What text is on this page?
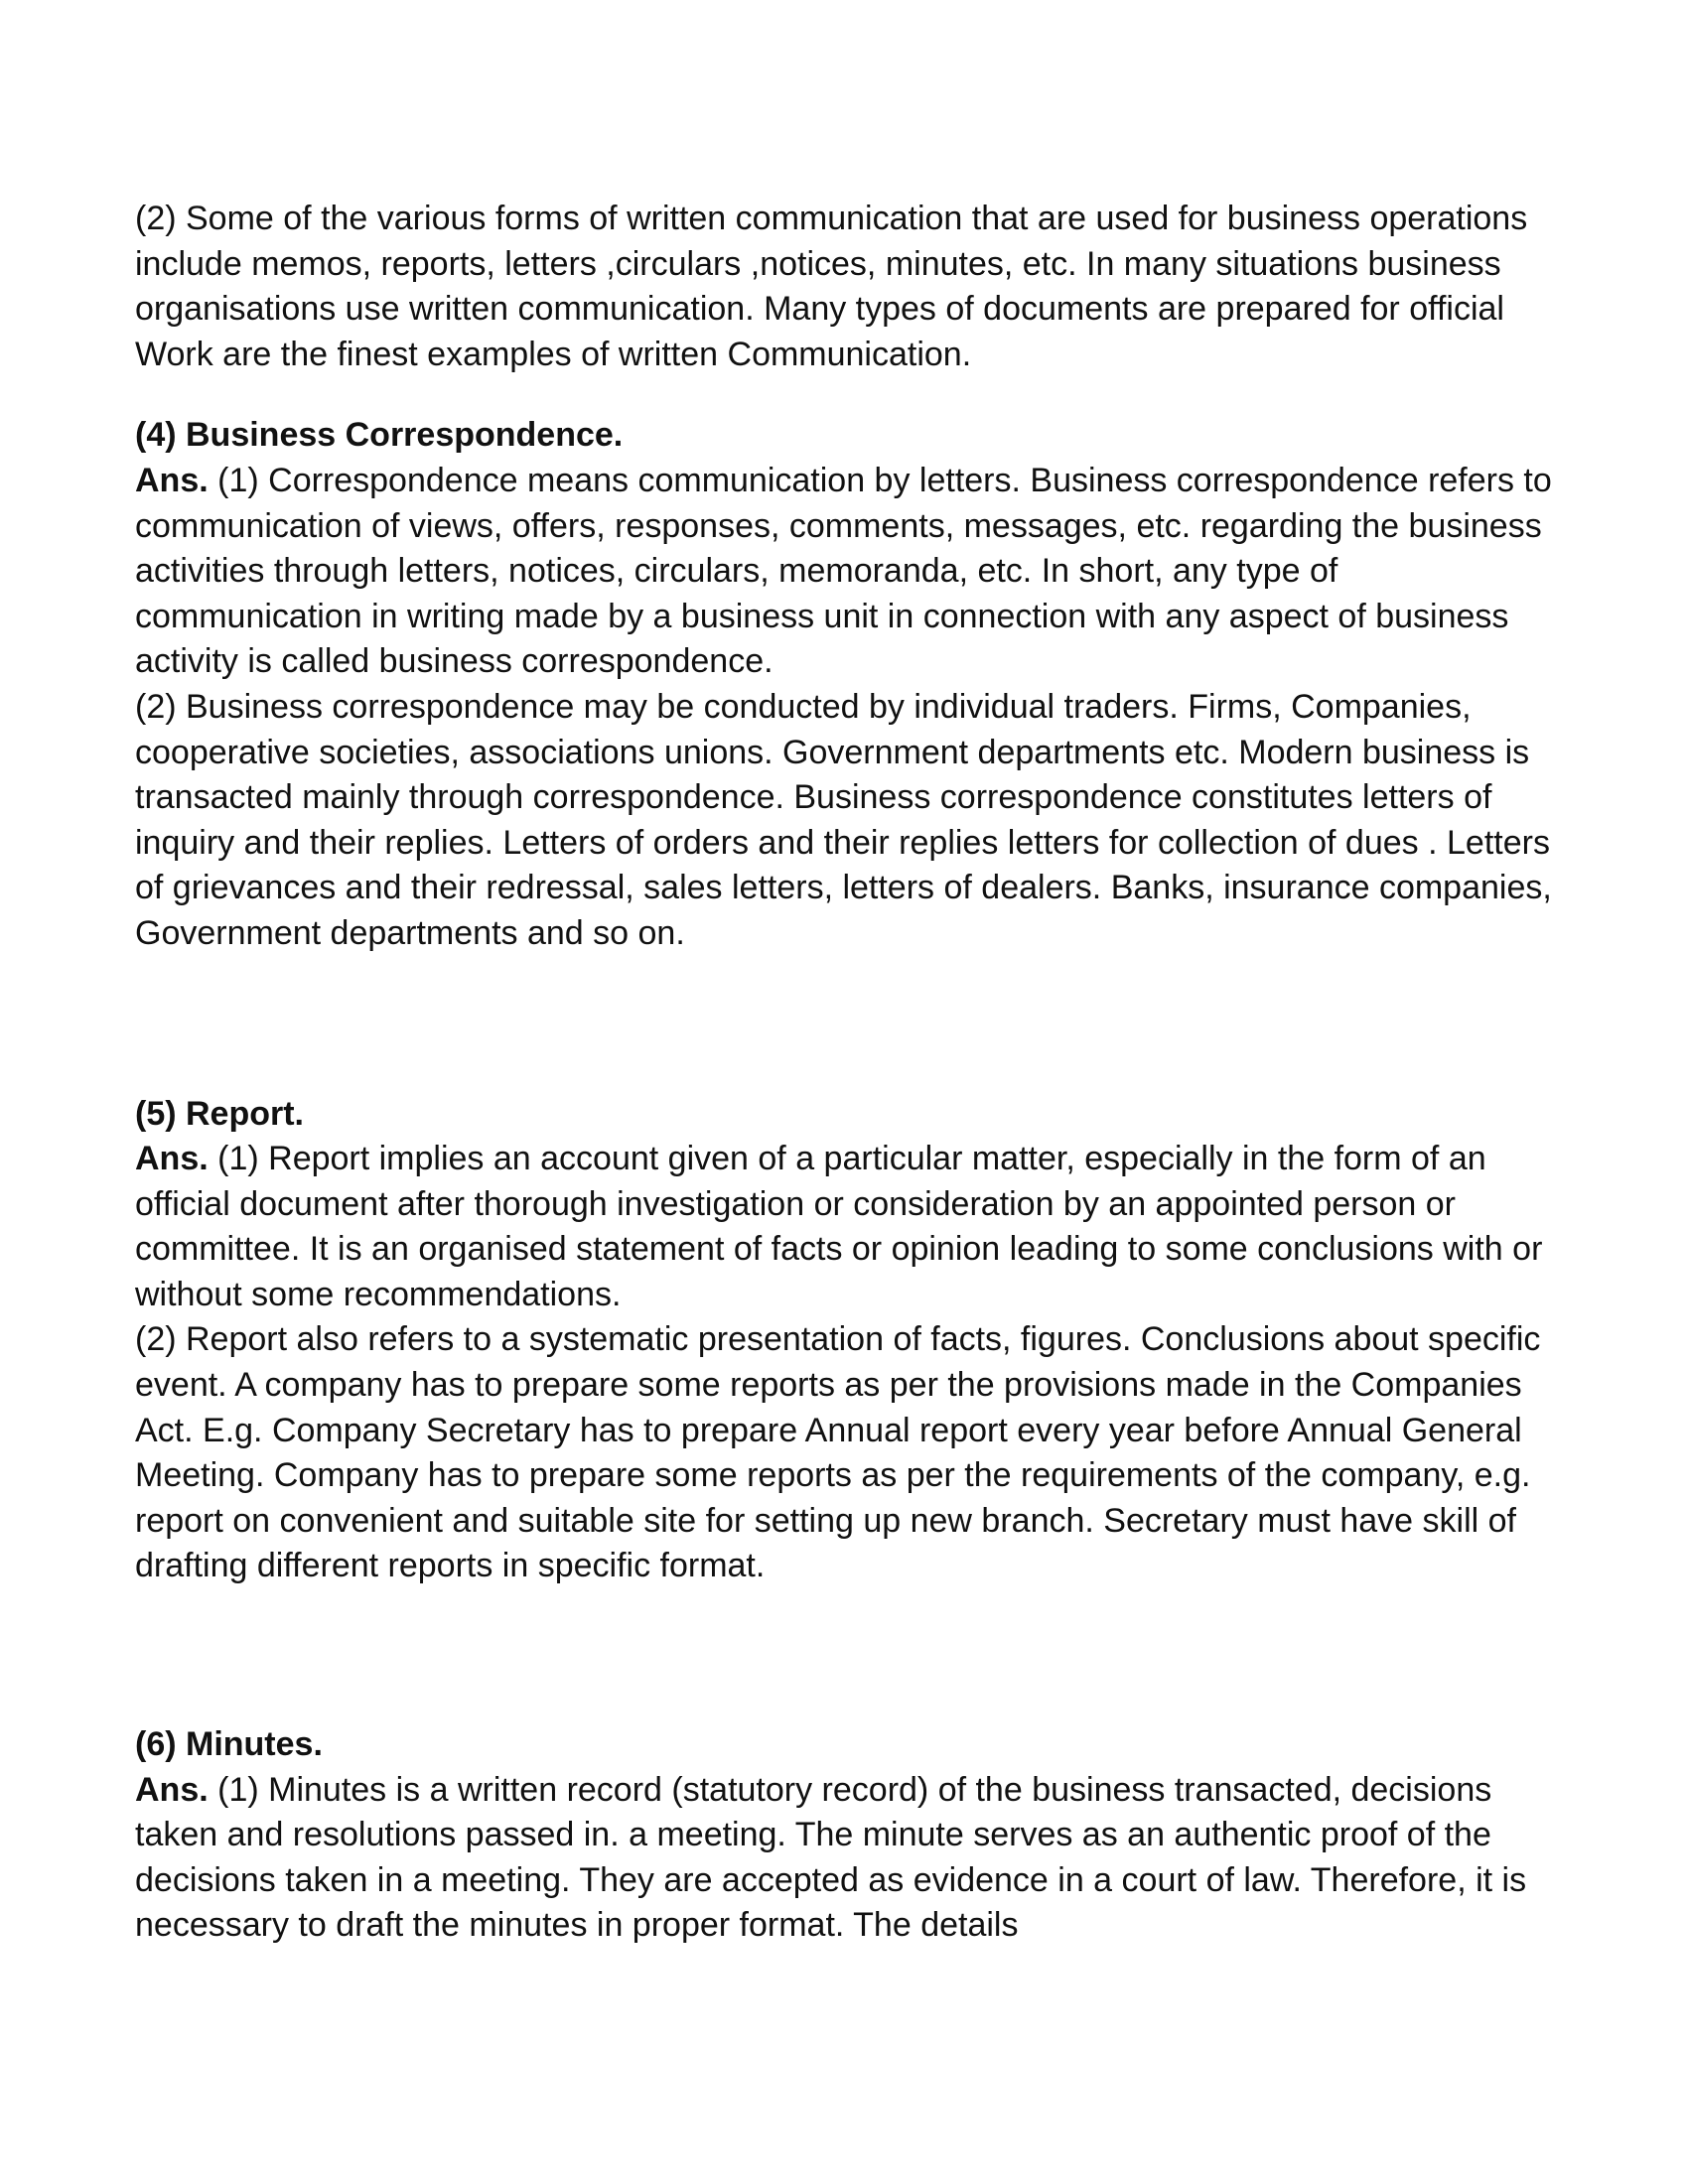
(2) Some of the various forms of written communication that are used for business operations include memos, reports, letters ,circulars ,notices, minutes, etc. In many situations business organisations use written communication. Many types of documents are prepared for official Work are the finest examples of written Communication.

(4) Business Correspondence.

Ans. (1) Correspondence means communication by letters. Business correspondence refers to communication of views, offers, responses, comments, messages, etc. regarding the business activities through letters, notices, circulars, memoranda, etc. In short, any type of communication in writing made by a business unit in connection with any aspect of business activity is called business correspondence.

(2) Business correspondence may be conducted by individual traders. Firms, Companies, cooperative societies, associations unions. Government departments etc. Modern business is transacted mainly through correspondence. Business correspondence constitutes letters of inquiry and their replies. Letters of orders and their replies letters for collection of dues . Letters of grievances and their redressal, sales letters, letters of dealers. Banks, insurance companies, Government departments and so on.

(5) Report.

Ans. (1) Report implies an account given of a particular matter, especially in the form of an official document after thorough investigation or consideration by an appointed person or committee. It is an organised statement of facts or opinion leading to some conclusions with or without some recommendations.

(2) Report also refers to a systematic presentation of facts, figures. Conclusions about specific event. A company has to prepare some reports as per the provisions made in the Companies Act. E.g. Company Secretary has to prepare Annual report every year before Annual General Meeting. Company has to prepare some reports as per the requirements of the company, e.g. report on convenient and suitable site for setting up new branch. Secretary must have skill of drafting different reports in specific format.

(6) Minutes.

Ans. (1) Minutes is a written record (statutory record) of the business transacted, decisions taken and resolutions passed in. a meeting. The minute serves as an authentic proof of the decisions taken in a meeting. They are accepted as evidence in a court of law. Therefore, it is necessary to draft the minutes in proper format. The details
